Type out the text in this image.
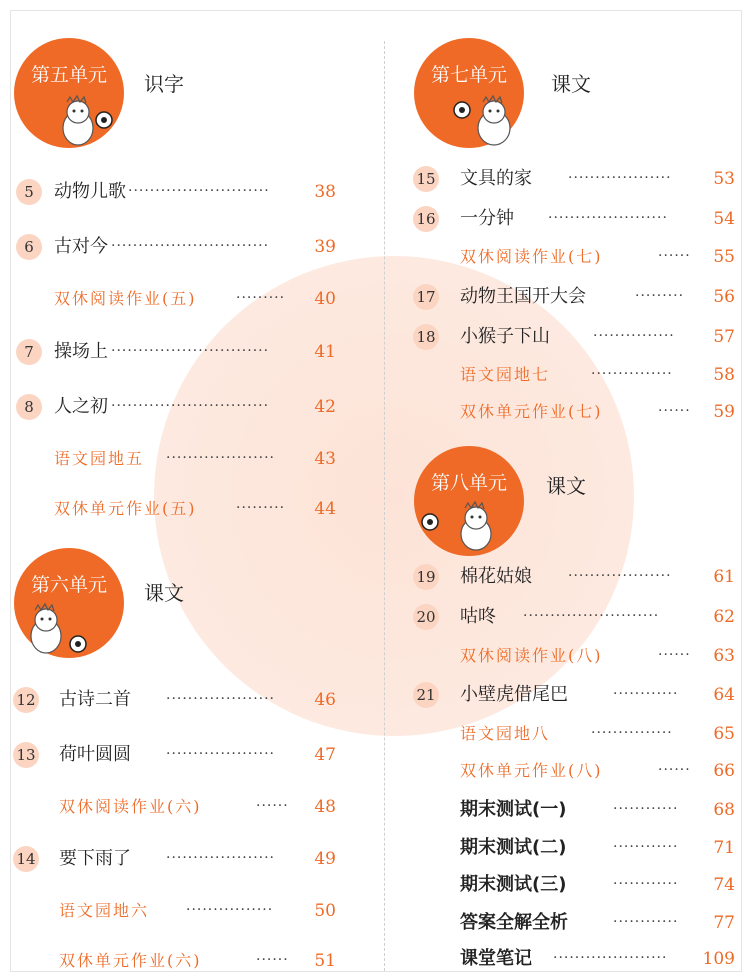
第五单元	识字
第六单元	课文
第七单元	课文
第八单元	课文
5	动物儿歌 ··························	38
6	古对今 ·····························	39
双休阅读作业(五)	·········	40
7	操场上 ·····························	41
8	人之初 ·····························	42
语文园地五 ····················	43
双休单元作业(五)	·········	44
12 古诗二首	····················	46
13 荷叶圆圆	····················	47
双休阅读作业(六)	······	48
14 要下雨了	····················	49
语文园地六	················	50
双休单元作业(六)	······	51
15 文具的家	···················	53
16 一分钟 ······················	54
双休阅读作业(七)	······	55
17 动物王国开大会	·········	56
18 小猴子下山	···············	57
语文园地七	···············	58
双休单元作业(七)	······	59
19 棉花姑娘	···················	61
20 咕咚 ·························	62
双休阅读作业(八)	······	63
21 小壁虎借尾巴	············	64
语文园地八	···············	65
双休单元作业(八)	······	66
期末测试(一)	············	68
期末测试(二)	············	71
期末测试(三)	············	74
答案全解全析	············	77
课堂笔记 ·····················	109
